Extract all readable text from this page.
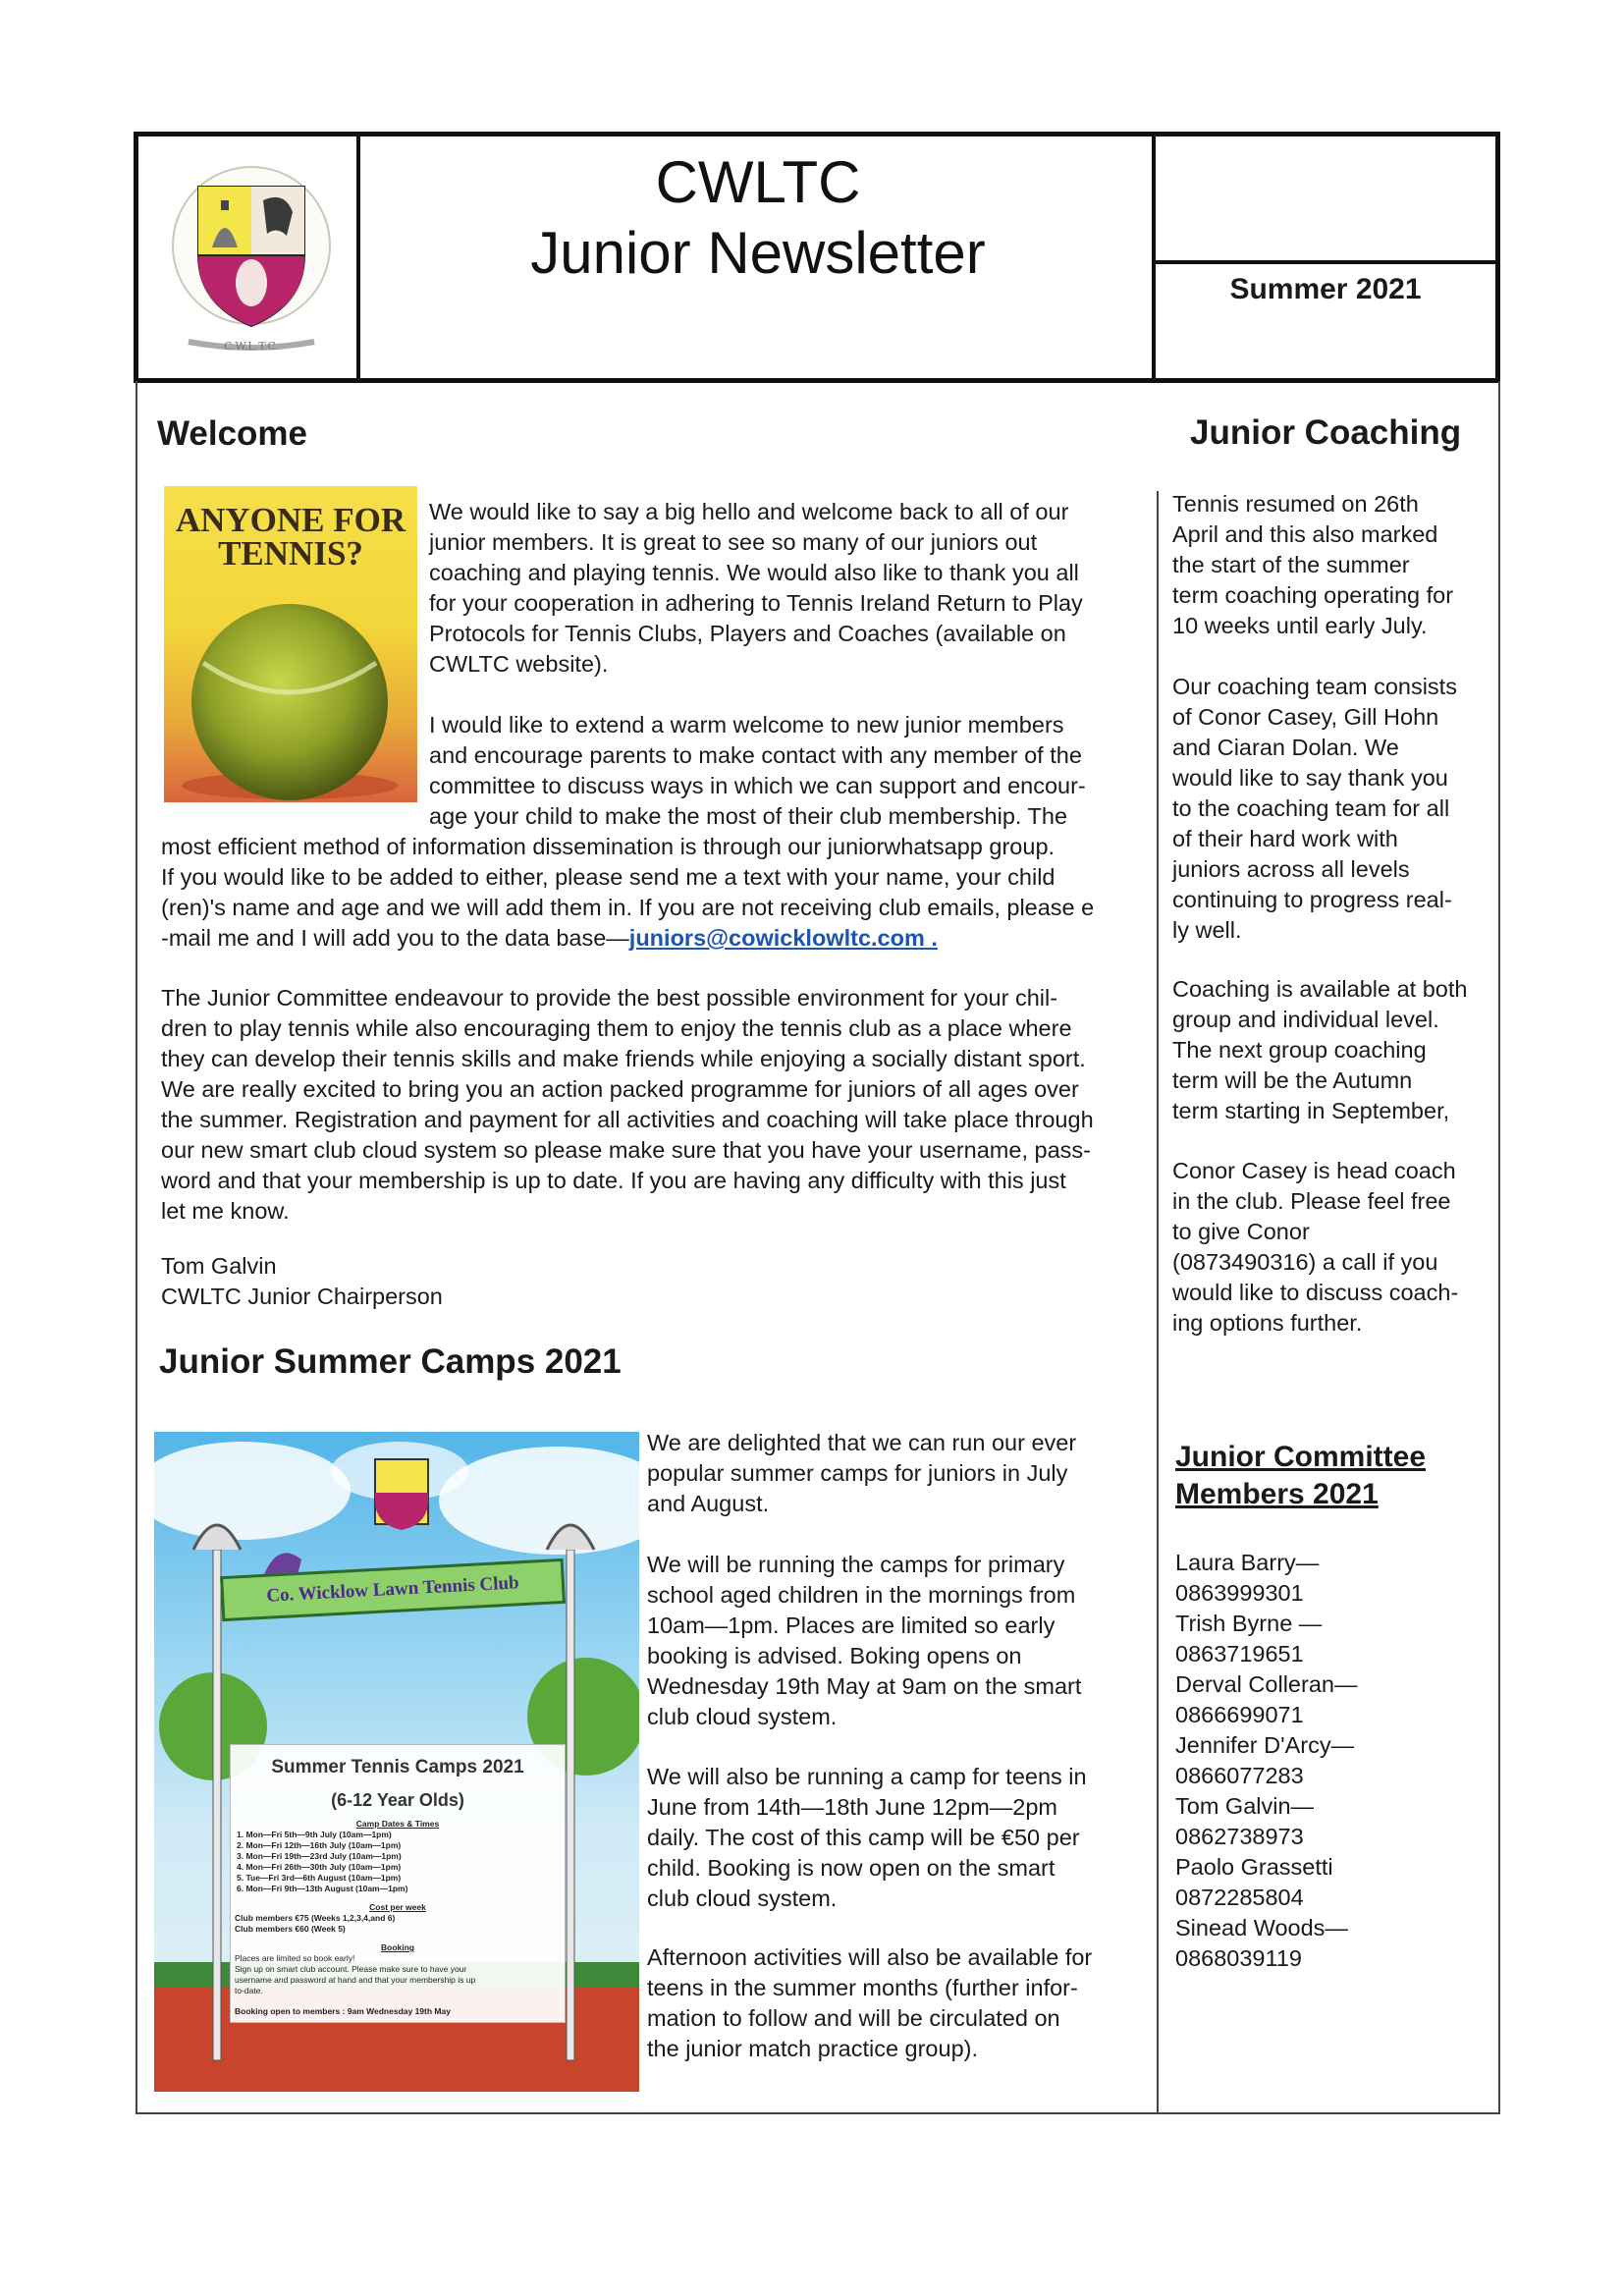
C.W.L.T.C.
CWLTC
Junior Newsletter
Summer 2021
Welcome
ANYONE FOR
TENNIS?
We would like to say a big hello and welcome back to all of our
junior members. It is great to see so many of our juniors out
coaching and playing tennis. We would also like to thank you all
for your cooperation in adhering to Tennis Ireland Return to Play
Protocols for Tennis Clubs, Players and Coaches (available on
CWLTC website).
I would like to extend a warm welcome to new junior members
and encourage parents to make contact with any member of the
committee to discuss ways in which we can support and encour-
age your child to make the most of their club membership. The
most efficient method of information dissemination is through our juniorwhatsapp group.
If you would like to be added to either, please send me a text with your name, your child
(ren)'s name and age and we will add them in. If you are not receiving club emails, please e
-mail me and I will add you to the data base—juniors@cowicklowltc.com .
The Junior Committee endeavour to provide the best possible environment for your chil-
dren to play tennis while also encouraging them to enjoy the tennis club as a place where
they can develop their tennis skills and make friends while enjoying a socially distant sport.
We are really excited to bring you an action packed programme for juniors of all ages over
the summer. Registration and payment for all activities and coaching will take place through
our new smart club cloud system so please make sure that you have your username, pass-
word and that your membership is up to date. If you are having any difficulty with this just
let me know.
Tom Galvin
CWLTC Junior Chairperson
Junior Summer Camps 2021
Co. Wicklow Lawn Tennis Club
Summer Tennis Camps 2021
(6-12 Year Olds)
Camp Dates & Times
1. Mon—Fri 5th—9th July (10am—1pm)
2. Mon—Fri 12th—16th July (10am—1pm)
3. Mon—Fri 19th—23rd July (10am—1pm)
4. Mon—Fri 26th—30th July (10am—1pm)
5. Tue—Fri 3rd—6th August (10am—1pm)
6. Mon—Fri 9th—13th August (10am—1pm)
Cost per week
Club members €75 (Weeks 1,2,3,4,and 6)
Club members €60 (Week 5)
Booking
Places are limited so book early!
Sign up on smart club account. Please make sure to have your
username and password at hand and that your membership is up
to-date.
Booking open to members : 9am Wednesday 19th May
We are delighted that we can run our ever
popular summer camps for juniors in July
and August.
We will be running the camps for primary
school aged children in the mornings from
10am—1pm. Places are limited so early
booking is advised. Boking opens on
Wednesday 19th May at 9am on the smart
club cloud system.
We will also be running a camp for teens in
June from 14th—18th June 12pm—2pm
daily. The cost of this camp will be €50 per
child. Booking is now open on the smart
club cloud system.
Afternoon activities will also be available for
teens in the summer months (further infor-
mation to follow and will be circulated on
the junior match practice group).
Junior Coaching
Tennis resumed on 26th
April and this also marked
the start of the summer
term coaching operating for
10 weeks until early July.
Our coaching team consists
of Conor Casey, Gill Hohn
and Ciaran Dolan. We
would like to say thank you
to the coaching team for all
of their hard work with
juniors across all levels
continuing to progress real-
ly well.
Coaching is available at both
group and individual level.
The next group coaching
term will be the Autumn
term starting in September,
Conor Casey is head coach
in the club. Please feel free
to give Conor
(0873490316) a call if you
would like to discuss coach-
ing options further.
Junior Committee
Members 2021
Laura Barry—
0863999301
Trish Byrne —
0863719651
Derval Colleran—
0866699071
Jennifer D'Arcy—
0866077283
Tom Galvin—
0862738973
Paolo Grassetti
0872285804
Sinead Woods—
0868039119
